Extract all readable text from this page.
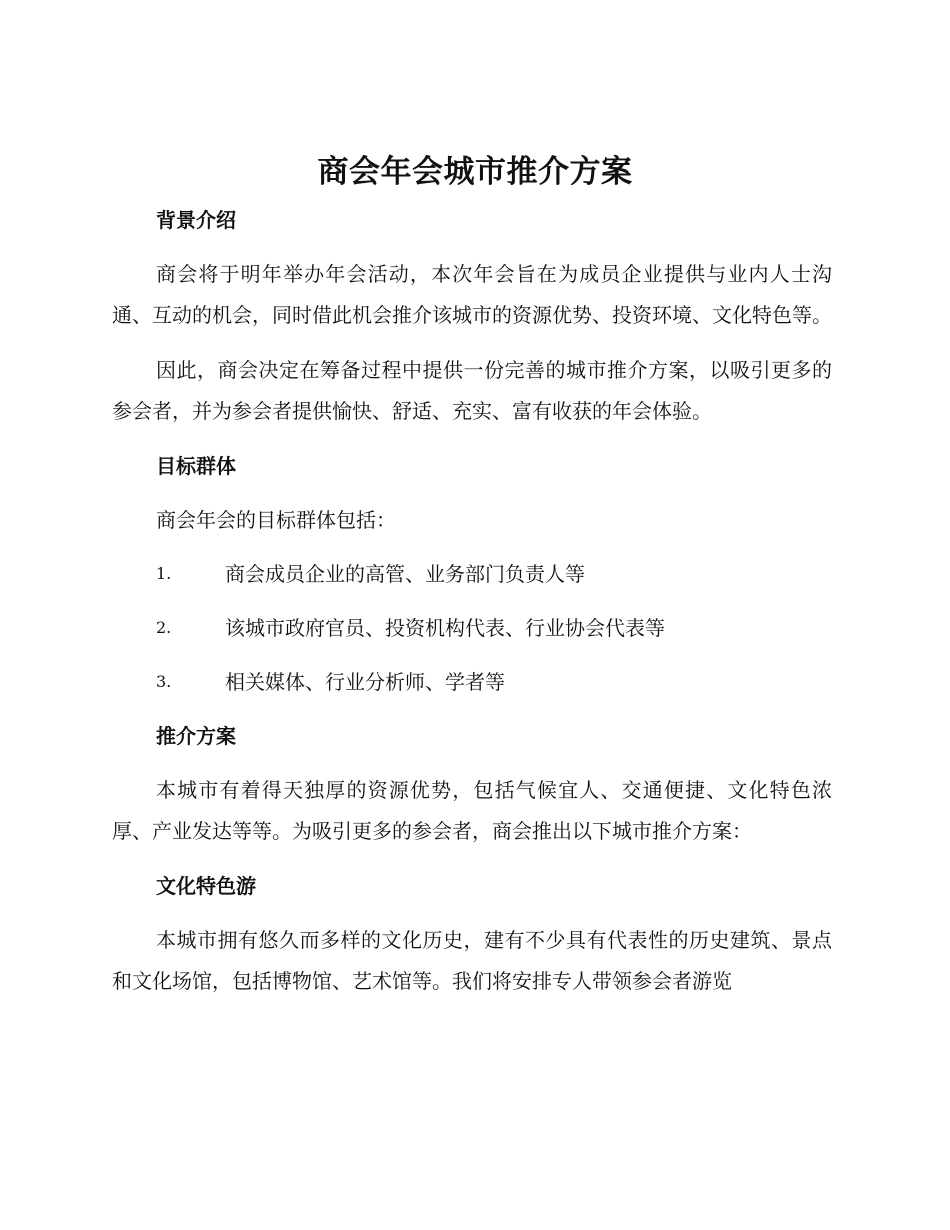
商会年会城市推介方案
背景介绍

商会将于明年举办年会活动，本次年会旨在为成员企业提供与业内人士沟通、互动的机会，同时借此机会推介该城市的资源优势、投资环境、文化特色等。

因此，商会决定在筹备过程中提供一份完善的城市推介方案，以吸引更多的参会者，并为参会者提供愉快、舒适、充实、富有收获的年会体验。

目标群体
商会年会的目标群体包括：
1.	商会成员企业的高管、业务部门负责人等
2.	该城市政府官员、投资机构代表、行业协会代表等
3.	相关媒体、行业分析师、学者等
推介方案

本城市有着得天独厚的资源优势，包括气候宜人、交通便捷、文化特色浓厚、产业发达等等。为吸引更多的参会者，商会推出以下城市推介方案：

文化特色游

本城市拥有悠久而多样的文化历史，建有不少具有代表性的历史建筑、景点和文化场馆，包括博物馆、艺术馆等。我们将安排专人带领参会者游览
